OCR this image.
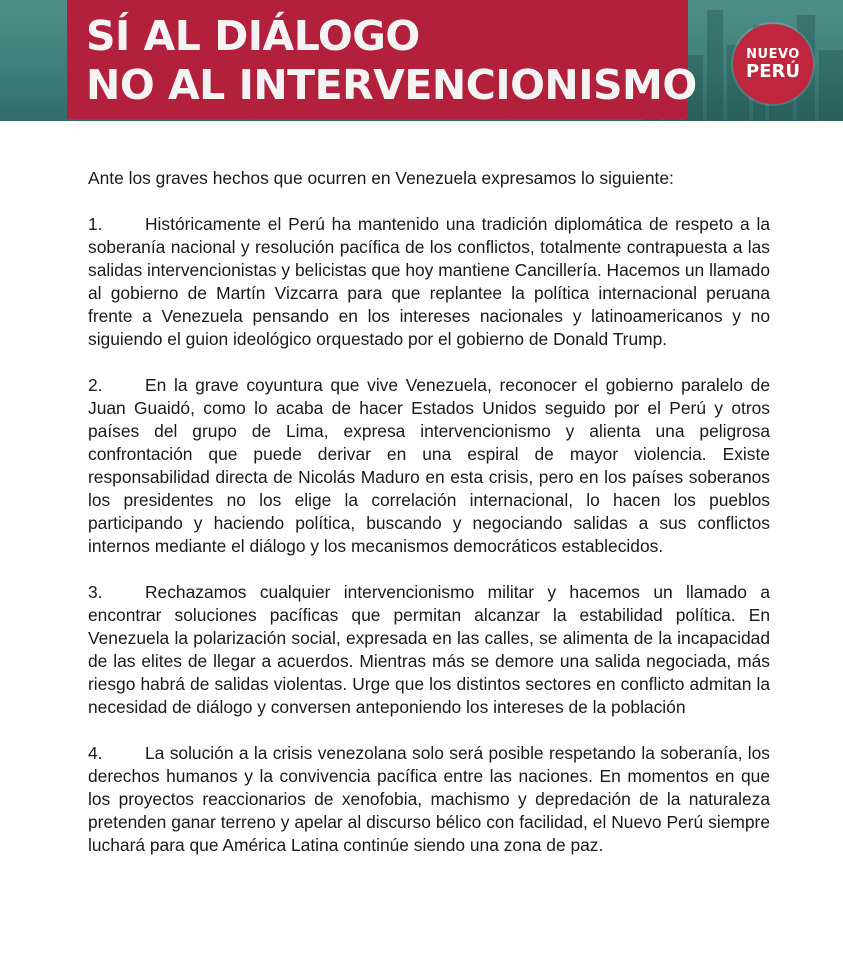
SÍ AL DIÁLOGO
NO AL INTERVENCIONISMO
NUEVO
PERÚ

Ante los graves hechos que ocurren en Venezuela expresamos lo siguiente:

1. Históricamente el Perú ha mantenido una tradición diplomática de respeto a la soberanía nacional y resolución pacífica de los conflictos, totalmente contrapuesta a las salidas intervencionistas y belicistas que hoy mantiene Cancillería. Hacemos un llamado al gobierno de Martín Vizcarra para que replantee la política internacional peruana frente a Venezuela pensando en los intereses nacionales y latinoamericanos y no siguiendo el guion ideológico orquestado por el gobierno de Donald Trump.

2. En la grave coyuntura que vive Venezuela, reconocer el gobierno paralelo de Juan Guaidó, como lo acaba de hacer Estados Unidos seguido por el Perú y otros países del grupo de Lima, expresa intervencionismo y alienta una peligrosa confrontación que puede derivar en una espiral de mayor violencia. Existe responsabilidad directa de Nicolás Maduro en esta crisis, pero en los países soberanos los presidentes no los elige la correlación internacional, lo hacen los pueblos participando y haciendo política, buscando y negociando salidas a sus conflictos internos mediante el diálogo y los mecanismos democráticos establecidos.

3. Rechazamos cualquier intervencionismo militar y hacemos un llamado a encontrar soluciones pacíficas que permitan alcanzar la estabilidad política. En Venezuela la polarización social, expresada en las calles, se alimenta de la incapacidad de las elites de llegar a acuerdos. Mientras más se demore una salida negociada, más riesgo habrá de salidas violentas. Urge que los distintos sectores en conflicto admitan la necesidad de diálogo y conversen anteponiendo los intereses de la población

4. La solución a la crisis venezolana solo será posible respetando la soberanía, los derechos humanos y la convivencia pacífica entre las naciones. En momentos en que los proyectos reaccionarios de xenofobia, machismo y depredación de la naturaleza pretenden ganar terreno y apelar al discurso bélico con facilidad, el Nuevo Perú siempre luchará para que América Latina continúe siendo una zona de paz.
